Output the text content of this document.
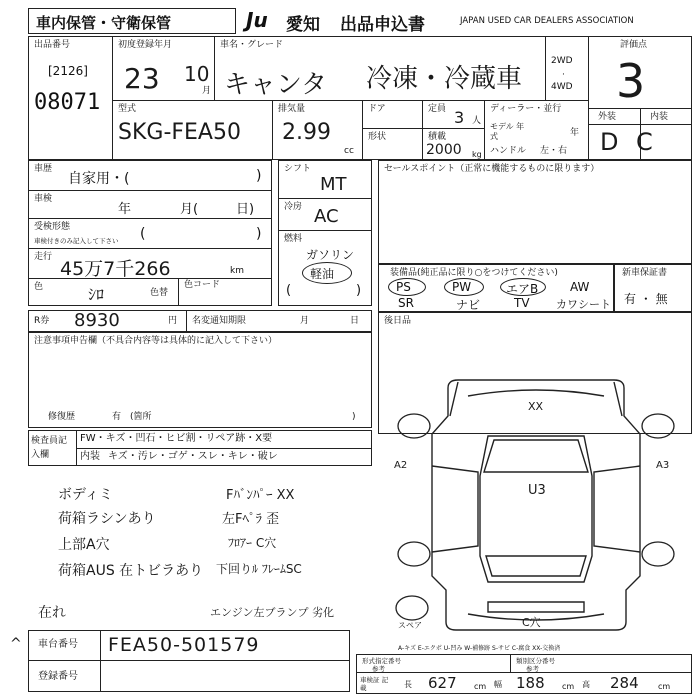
車内保管・守衛保管	Ju 愛知 出品申込書	JAPAN USED CAR DEALERS ASSOCIATION
出品番号
[2126]
08071
初度登録年月
23 10
月
車名・グレード
キャンタ 冷凍・冷蔵車
2WD
4WD
·
評価点
3
外装	内装
D C
型式
SKG-FEA50
排気量
2.99
cc
ドア
形状
定員 3 人
積載
2000 kg
ディーラー・並行
モデル 年式	年
ハンドル 左・右
車歴
自家用・(	)
車検
年	月(	日)
受検形態
車検付きのみ記入して下さい (	)
走行
45万7千266	km
色	ｼﾛ	色替
色コード
シフト
MT
冷房 AC
燃料
ガソリン
軽油
(	)
セールスポイント（正常に機能するものに限ります）
装備品(純正品に限り○をつけてください)
PS	PW	エアB	AW
SR	ナビ	TV カワシート
新車保証書
有 ・ 無
R券 8930	円 名変通知期限	月	日	後日品
注意事項申告欄（不具合内容等は具体的に記入して下さい）
修復歴	有 (箇所	)
検査員記入欄
FW・キズ・凹石・ヒビ割・リペア跡・X要
内装 キズ・汚レ・ゴゲ・スレ・キレ・破レ
ボディミ
荷箱ラシンあり
上部A穴
荷箱AUS 在トビラあり
Fﾊﾞﾝﾊﾟｰ XX
左Fﾍﾟﾗ 歪
ﾌﾛｱｰ C穴
下回りﾙ ﾌﾚｰﾑSC
在れ	エンジン左ブランプ 劣化
車台番号 FEA50-501579
登録番号
^
XX
U3
A2	A3
C穴
スペア
A-キズ E-エクボ U-凹み W-補修跡 S-サビ C-腐食 XX-交換済
形式指定番号
参考
類別区分番号
参考
車検証 記載	長 627 cm 幅 188 cm 高 284 cm
